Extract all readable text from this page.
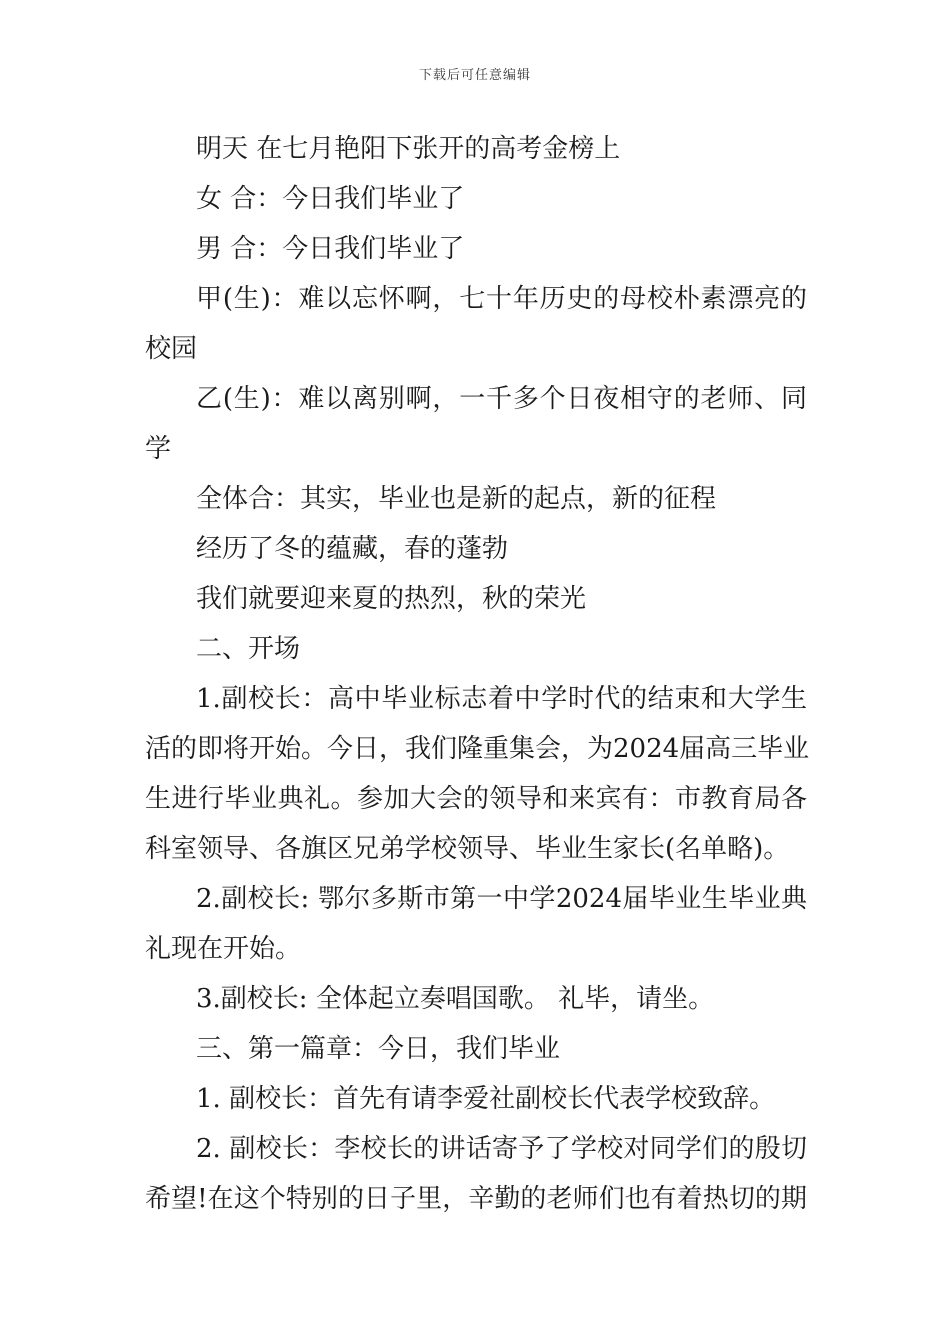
下载后可任意编辑
明天 在七月艳阳下张开的高考金榜上
女 合：今日我们毕业了
男 合：今日我们毕业了
甲(生)：难以忘怀啊，七十年历史的母校朴素漂亮的
校园
乙(生)：难以离别啊，一千多个日夜相守的老师、同
学
全体合：其实，毕业也是新的起点，新的征程
经历了冬的蕴藏，春的蓬勃
我们就要迎来夏的热烈，秋的荣光
二、开场
1.副校长：高中毕业标志着中学时代的结束和大学生
活的即将开始。今日，我们隆重集会，为2024届高三毕业
生进行毕业典礼。参加大会的领导和来宾有：市教育局各
科室领导、各旗区兄弟学校领导、毕业生家长(名单略)。
2.副校长: 鄂尔多斯市第一中学2024届毕业生毕业典
礼现在开始。
3.副校长: 全体起立奏唱国歌。 礼毕，请坐。
三、第一篇章：今日，我们毕业
1. 副校长：首先有请李爱社副校长代表学校致辞。
2. 副校长：李校长的讲话寄予了学校对同学们的殷切
希望!在这个特别的日子里，辛勤的老师们也有着热切的期
